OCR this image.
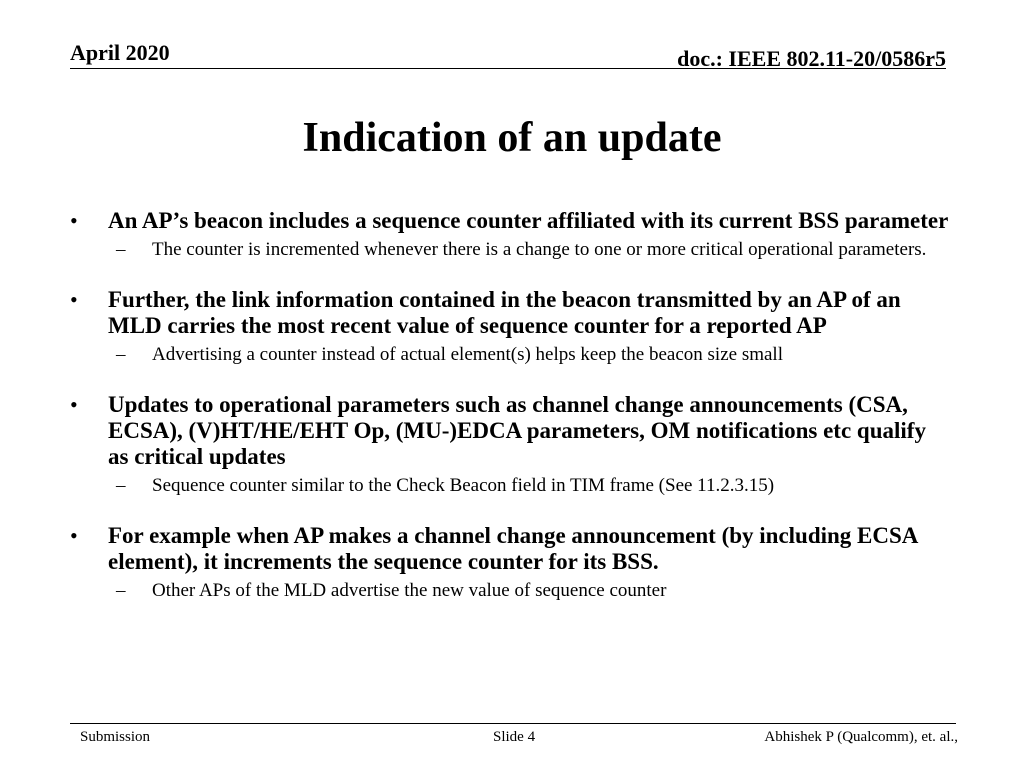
April 2020	doc.: IEEE 802.11-20/0586r5
Indication of an update
• An AP’s beacon includes a sequence counter affiliated with its current BSS parameter
– The counter is incremented whenever there is a change to one or more critical operational parameters.
• Further, the link information contained in the beacon transmitted by an AP of an MLD carries the most recent value of sequence counter for a reported AP
– Advertising a counter instead of actual element(s) helps keep the beacon size small
• Updates to operational parameters such as channel change announcements (CSA, ECSA), (V)HT/HE/EHT Op, (MU-)EDCA parameters, OM notifications etc qualify as critical updates
– Sequence counter similar to the Check Beacon field in TIM frame (See 11.2.3.15)
• For example when AP makes a channel change announcement (by including ECSA element), it increments the sequence counter for its BSS.
– Other APs of the MLD advertise the new value of sequence counter
Submission	Slide 4	Abhishek P (Qualcomm), et. al.,
